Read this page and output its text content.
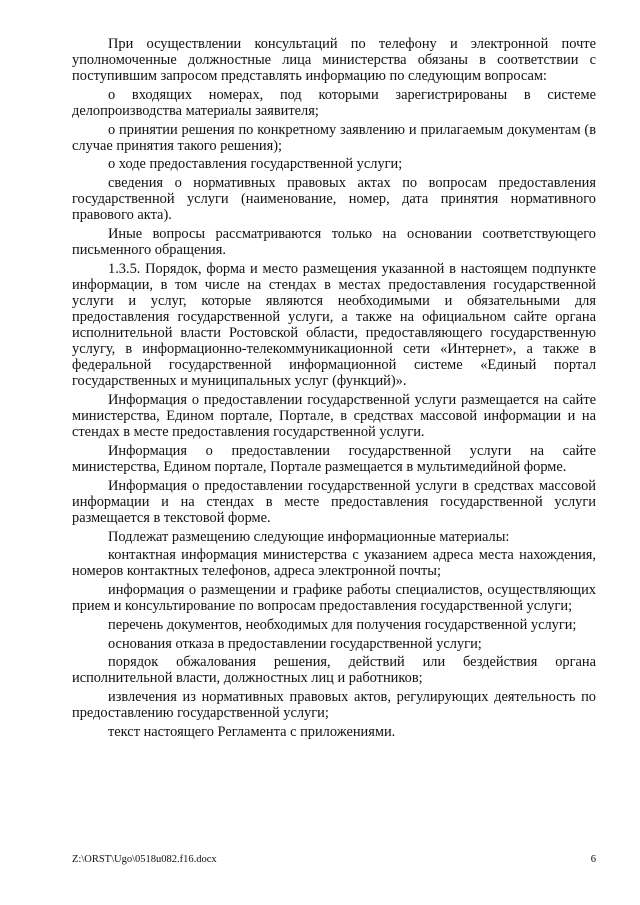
При осуществлении консультаций по телефону и электронной почте уполномоченные должностные лица министерства обязаны в соответствии с поступившим запросом представлять информацию по следующим вопросам:

о входящих номерах, под которыми зарегистрированы в системе делопроизводства материалы заявителя;

о принятии решения по конкретному заявлению и прилагаемым документам (в случае принятия такого решения);

о ходе предоставления государственной услуги;

сведения о нормативных правовых актах по вопросам предоставления государственной услуги (наименование, номер, дата принятия нормативного правового акта).

Иные вопросы рассматриваются только на основании соответствующего письменного обращения.

1.3.5. Порядок, форма и место размещения указанной в настоящем подпункте информации, в том числе на стендах в местах предоставления государственной услуги и услуг, которые являются необходимыми и обязательными для предоставления государственной услуги, а также на официальном сайте органа исполнительной власти Ростовской области, предоставляющего государственную услугу, в информационно-телекоммуникационной сети «Интернет», а также в федеральной государственной информационной системе «Единый портал государственных и муниципальных услуг (функций)».

Информация о предоставлении государственной услуги размещается на сайте министерства, Едином портале, Портале, в средствах массовой информации и на стендах в месте предоставления государственной услуги.

Информация о предоставлении государственной услуги на сайте министерства, Едином портале, Портале размещается в мультимедийной форме.

Информация о предоставлении государственной услуги в средствах массовой информации и на стендах в месте предоставления государственной услуги размещается в текстовой форме.

Подлежат размещению следующие информационные материалы:

контактная информация министерства с указанием адреса места нахождения, номеров контактных телефонов, адреса электронной почты;

информация о размещении и графике работы специалистов, осуществляющих прием и консультирование по вопросам предоставления государственной услуги;

перечень документов, необходимых для получения государственной услуги;

основания отказа в предоставлении государственной услуги;

порядок обжалования решения, действий или бездействия органа исполнительной власти, должностных лиц и работников;

извлечения из нормативных правовых актов, регулирующих деятельность по предоставлению государственной услуги;

текст настоящего Регламента с приложениями.

Z:\ORST\Ugo\0518u082.f16.docx	6
